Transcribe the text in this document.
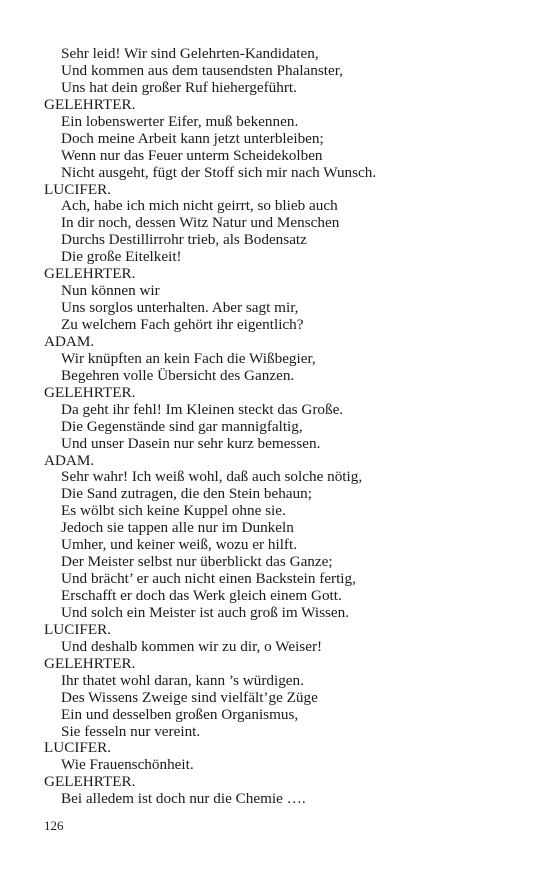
Sehr leid! Wir sind Gelehrten-Kandidaten,
Und kommen aus dem tausendsten Phalanster,
Uns hat dein großer Ruf hiehergeführt.
GELEHRTER.
Ein lobenswerter Eifer, muß bekennen.
Doch meine Arbeit kann jetzt unterbleiben;
Wenn nur das Feuer unterm Scheidekolben
Nicht ausgeht, fügt der Stoff sich mir nach Wunsch.
LUCIFER.
Ach, habe ich mich nicht geirrt, so blieb auch
In dir noch, dessen Witz Natur und Menschen
Durchs Destillirrohr trieb, als Bodensatz
Die große Eitelkeit!
GELEHRTER.
Nun können wir
Uns sorglos unterhalten. Aber sagt mir,
Zu welchem Fach gehört ihr eigentlich?
ADAM.
Wir knüpften an kein Fach die Wißbegier,
Begehren volle Übersicht des Ganzen.
GELEHRTER.
Da geht ihr fehl! Im Kleinen steckt das Große.
Die Gegenstände sind gar mannigfaltig,
Und unser Dasein nur sehr kurz bemessen.
ADAM.
Sehr wahr! Ich weiß wohl, daß auch solche nötig,
Die Sand zutragen, die den Stein behaun;
Es wölbt sich keine Kuppel ohne sie.
Jedoch sie tappen alle nur im Dunkeln
Umher, und keiner weiß, wozu er hilft.
Der Meister selbst nur überblickt das Ganze;
Und brächt’ er auch nicht einen Backstein fertig,
Erschafft er doch das Werk gleich einem Gott.
Und solch ein Meister ist auch groß im Wissen.
LUCIFER.
Und deshalb kommen wir zu dir, o Weiser!
GELEHRTER.
Ihr thatet wohl daran, kann ’s würdigen.
Des Wissens Zweige sind vielfält’ge Züge
Ein und desselben großen Organismus,
Sie fesseln nur vereint.
LUCIFER.
Wie Frauenschönheit.
GELEHRTER.
Bei alledem ist doch nur die Chemie ….
126
